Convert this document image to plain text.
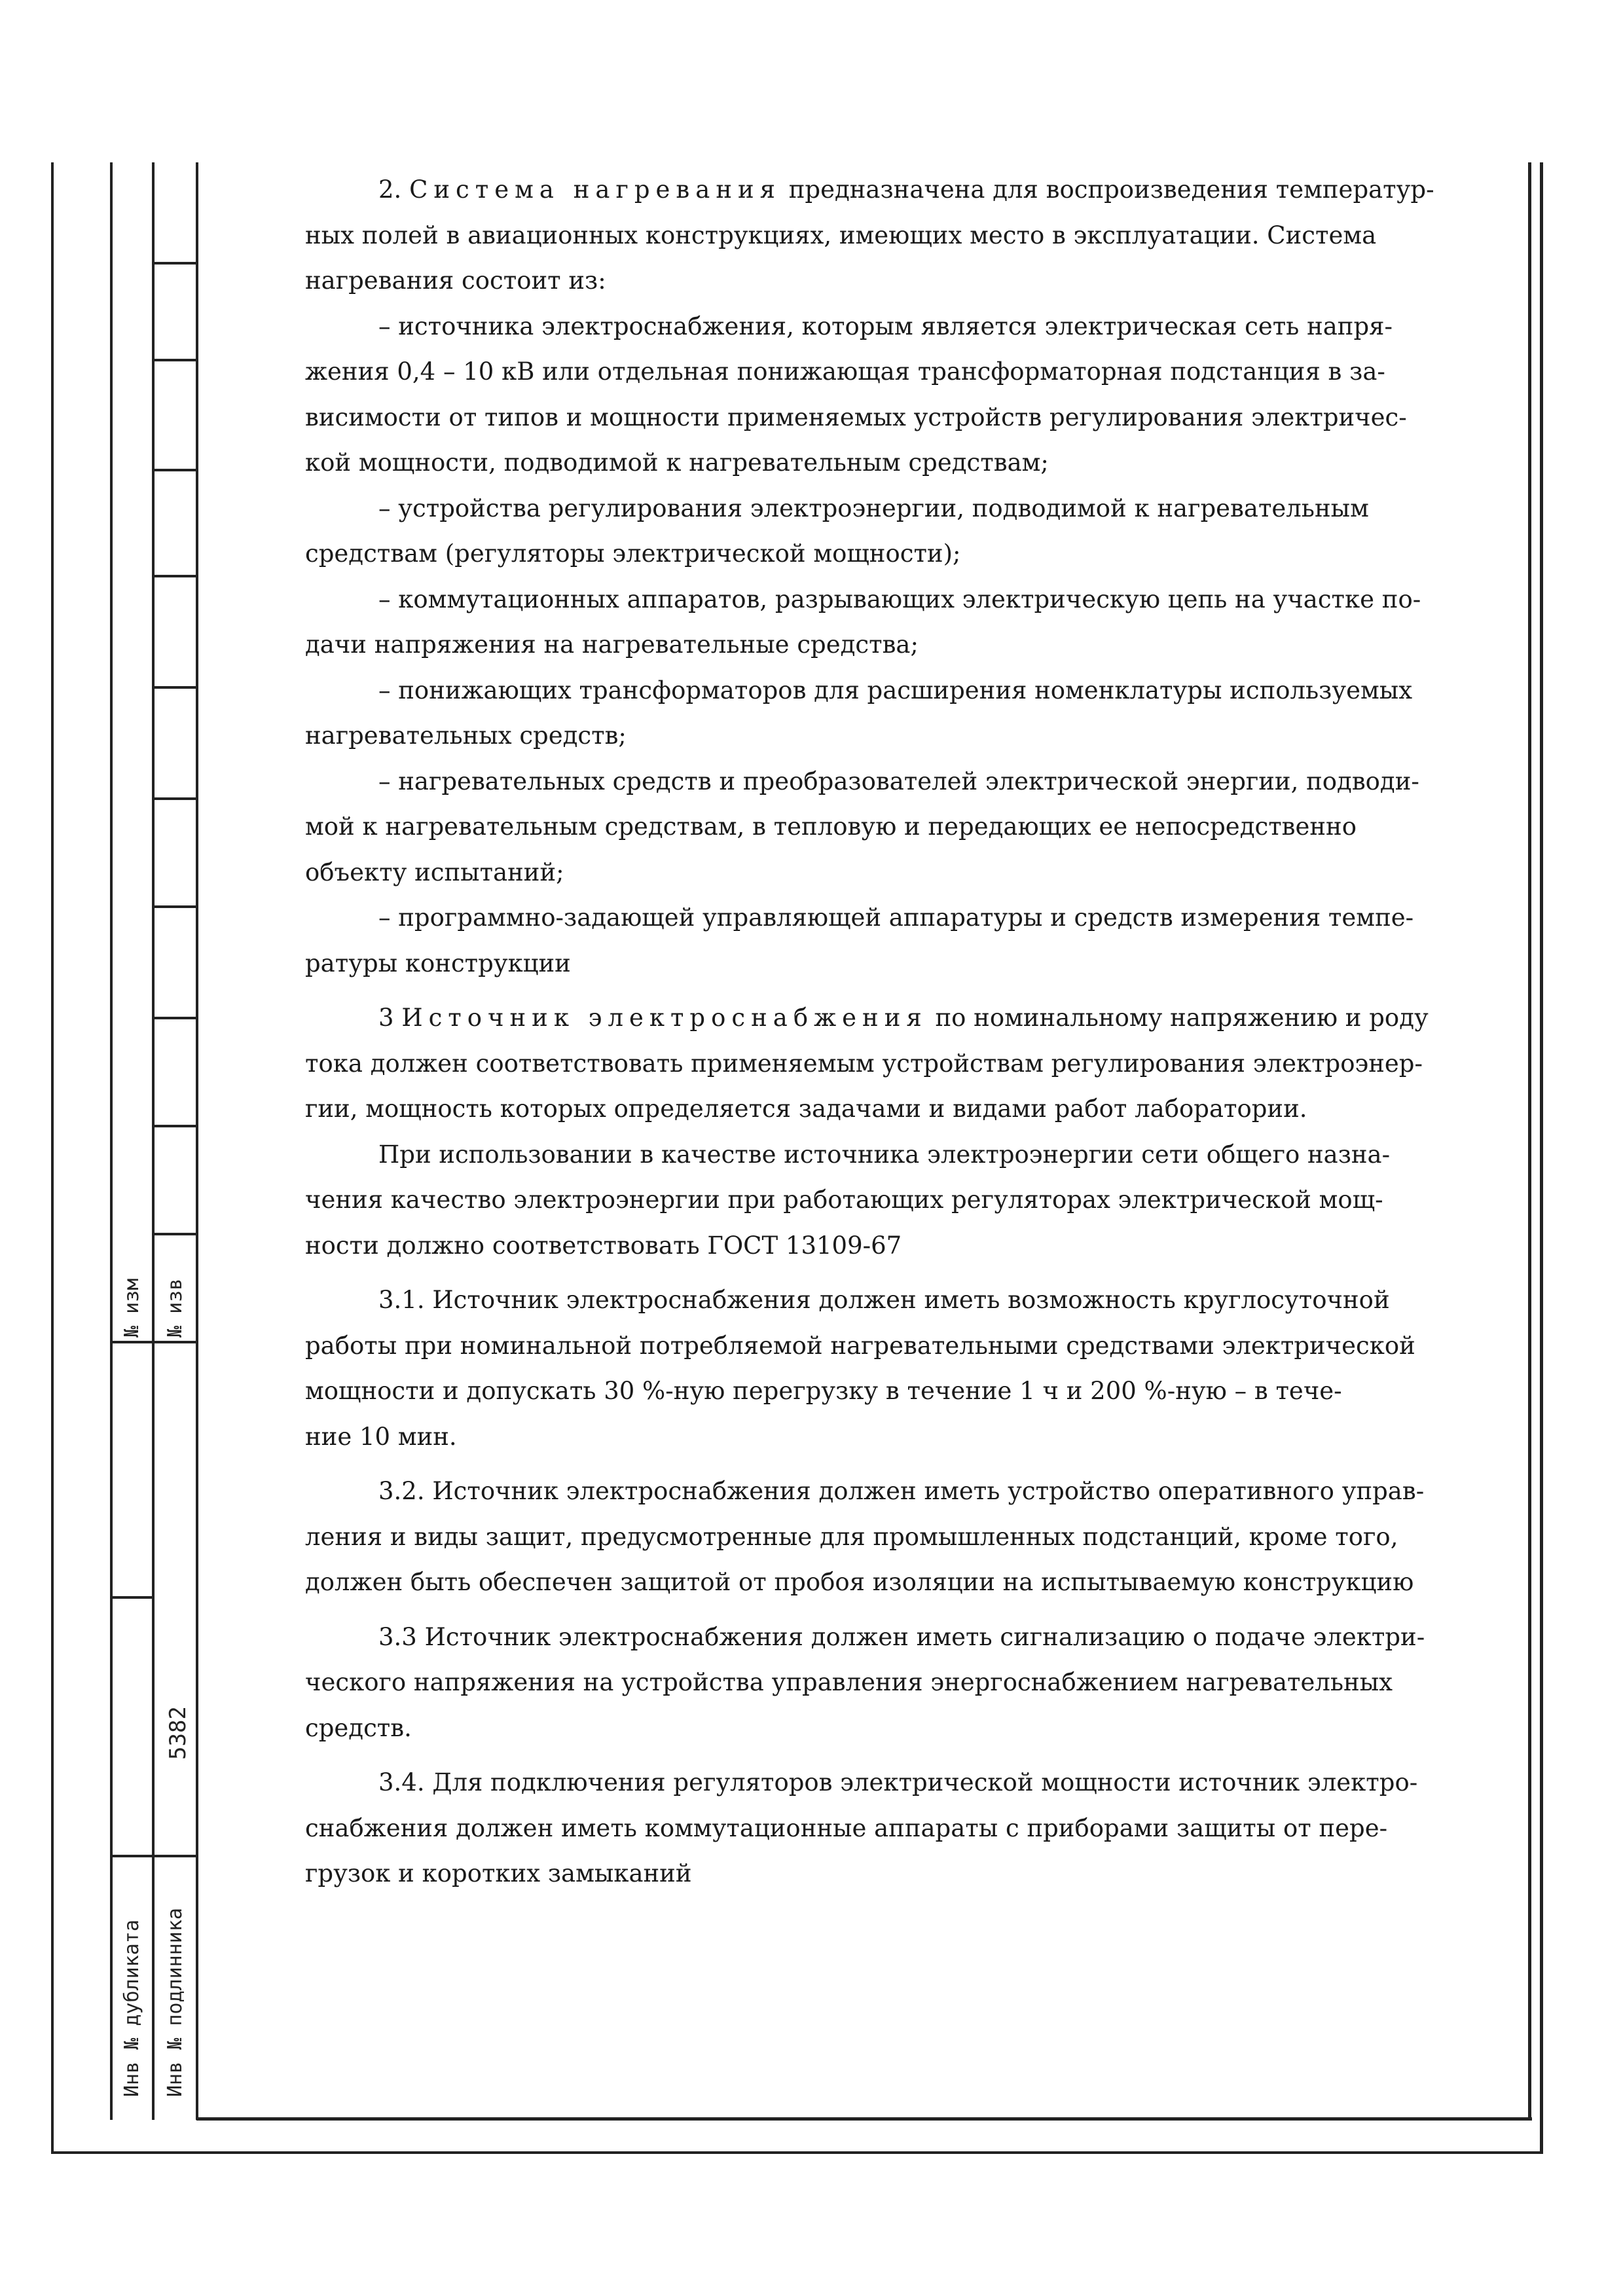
№ изм № изв
5382
Инв № дубликата Инв № подлинника
2. Система нагревания предназначена для воспроизведения температур-
ных полей в авиационных конструкциях, имеющих место в эксплуатации. Система
нагревания состоит из:
– источника электроснабжения, которым является электрическая сеть напря-
жения 0,4 – 10 кВ или отдельная понижающая трансформаторная подстанция в за-
висимости от типов и мощности применяемых устройств регулирования электричес-
кой мощности, подводимой к нагревательным средствам;
– устройства регулирования электроэнергии, подводимой к нагревательным
средствам (регуляторы электрической мощности);
– коммутационных аппаратов, разрывающих электрическую цепь на участке по-
дачи напряжения на нагревательные средства;
– понижающих трансформаторов для расширения номенклатуры используемых
нагревательных средств;
– нагревательных средств и преобразователей электрической энергии, подводи-
мой к нагревательным средствам, в тепловую и передающих ее непосредственно
объекту испытаний;
– программно-задающей управляющей аппаратуры и средств измерения темпе-
ратуры конструкции
3 Источник электроснабжения по номинальному напряжению и роду
тока должен соответствовать применяемым устройствам регулирования электроэнер-
гии, мощность которых определяется задачами и видами работ лаборатории.
При использовании в качестве источника электроэнергии сети общего назна-
чения качество электроэнергии при работающих регуляторах электрической мощ-
ности должно соответствовать ГОСТ 13109-67
3.1. Источник электроснабжения должен иметь возможность круглосуточной
работы при номинальной потребляемой нагревательными средствами электрической
мощности и допускать 30 %-ную перегрузку в течение 1 ч и 200 %-ную – в тече-
ние 10 мин.
3.2. Источник электроснабжения должен иметь устройство оперативного управ-
ления и виды защит, предусмотренные для промышленных подстанций, кроме того,
должен быть обеспечен защитой от пробоя изоляции на испытываемую конструкцию
3.3 Источник электроснабжения должен иметь сигнализацию о подаче электри-
ческого напряжения на устройства управления энергоснабжением нагревательных
средств.
3.4. Для подключения регуляторов электрической мощности источник электро-
снабжения должен иметь коммутационные аппараты с приборами защиты от пере-
грузок и коротких замыканий
